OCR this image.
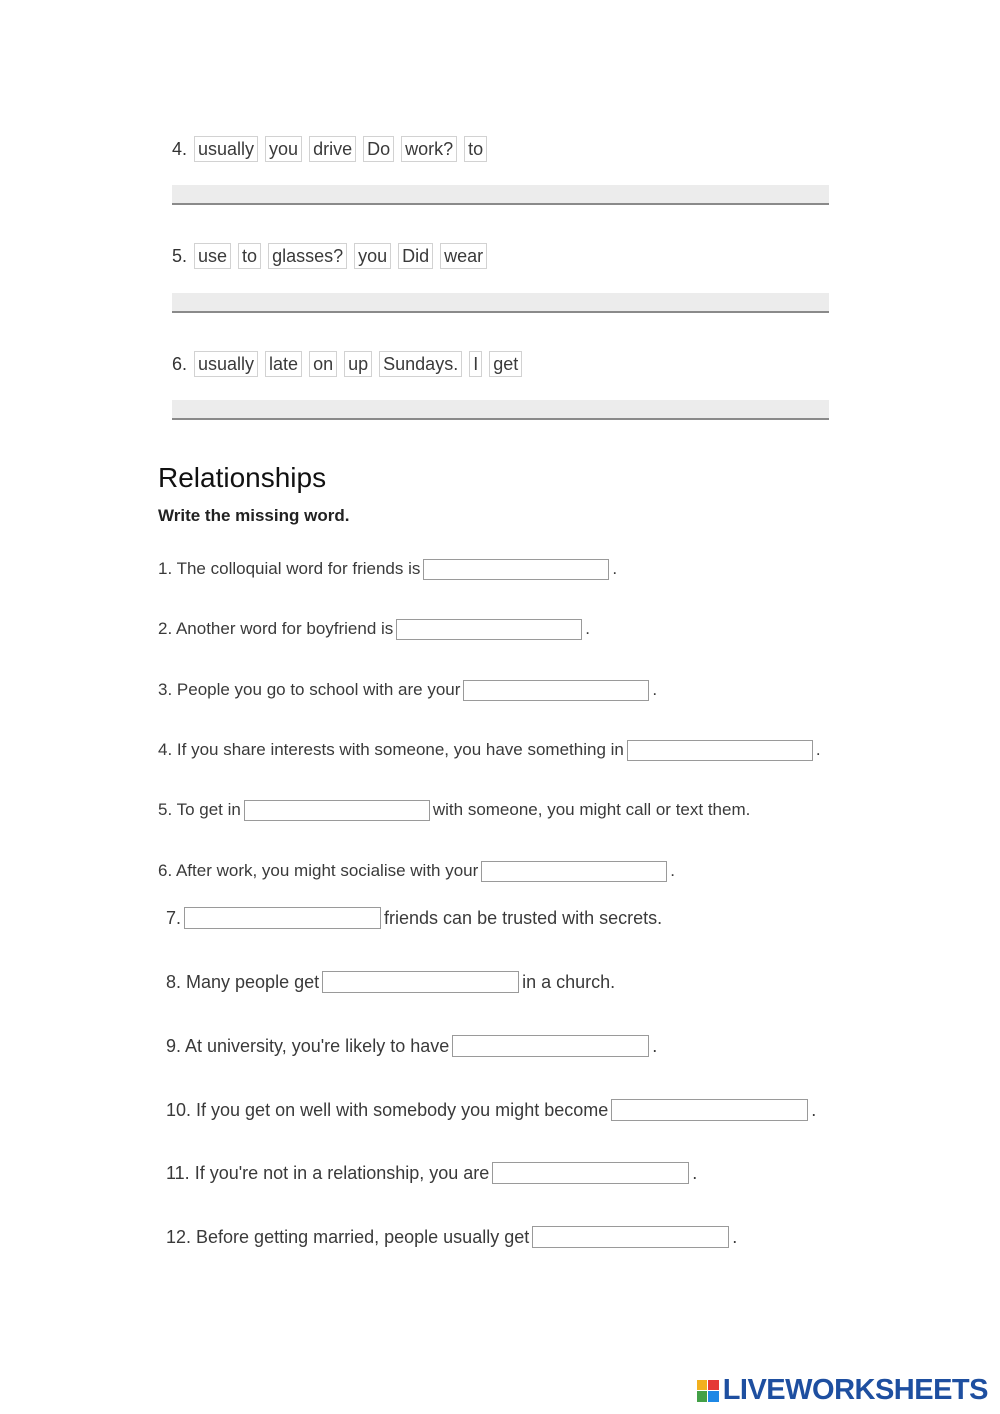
4. usually you drive Do work? to
5. use to glasses? you Did wear
6. usually late on up Sundays. I get
Relationships
Write the missing word.
1. The colloquial word for friends is	.
2. Another word for boyfriend is	.
3. People you go to school with are your	.
4. If you share interests with someone, you have something in	.
5. To get in	with someone, you might call or text them.
6. After work, you might socialise with your	.
7.	friends can be trusted with secrets.
8. Many people get	in a church.
9. At university, you're likely to have	.
10. If you get on well with somebody you might become	.
11. If you're not in a relationship, you are	.
12. Before getting married, people usually get	.
LIVEWORKSHEETS
